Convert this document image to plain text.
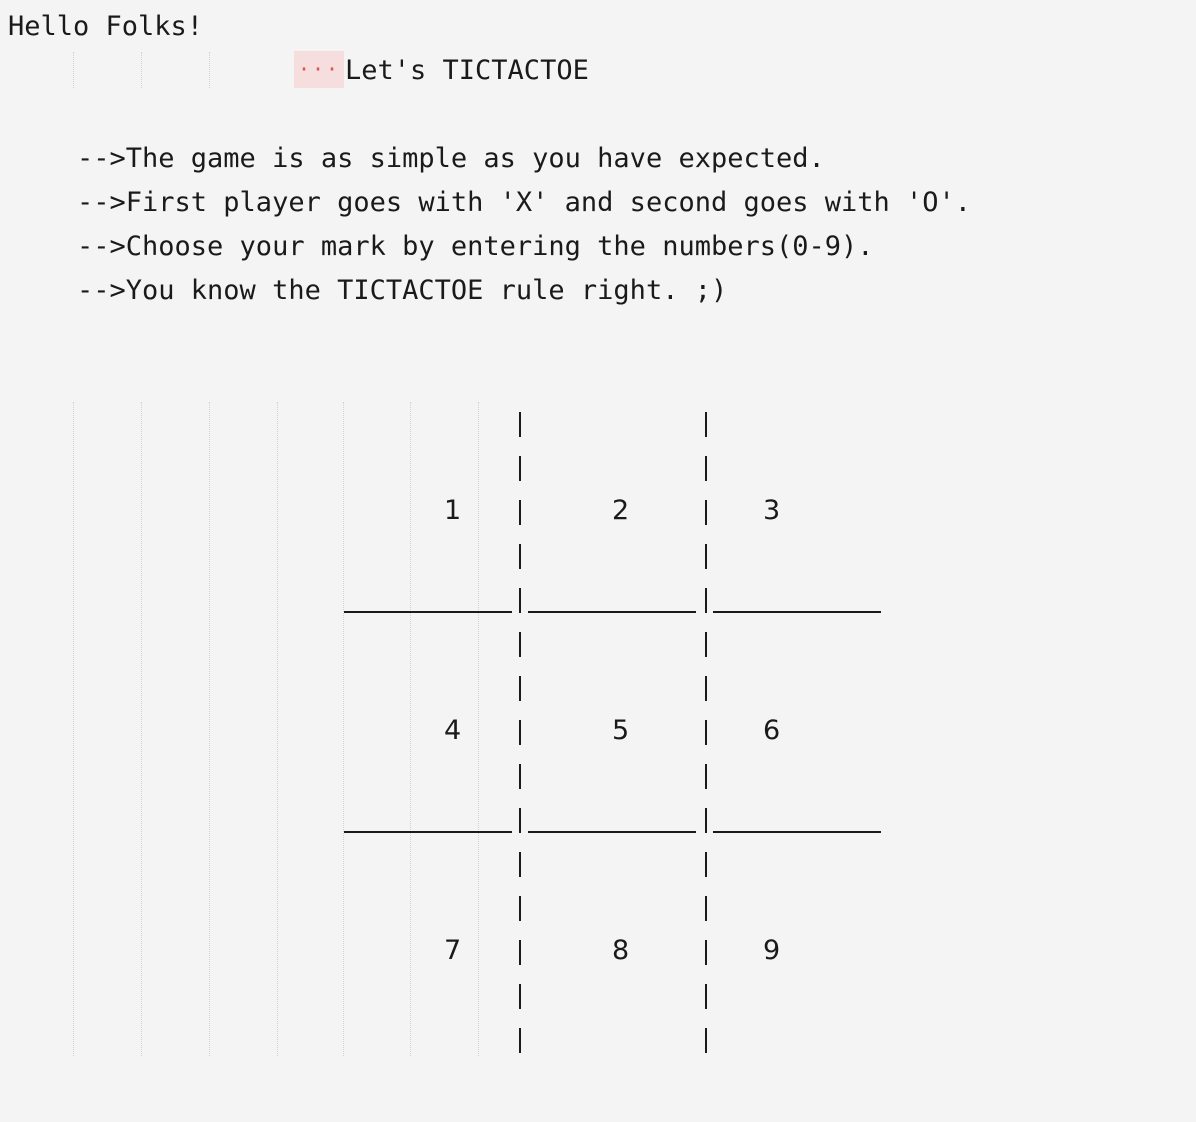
Hello Folks!
··· Let's TICTACTOE
-->The game is as simple as you have expected.
-->First player goes with 'X' and second goes with 'O'.
-->Choose your mark by entering the numbers(0-9).
-->You know the TICTACTOE rule right. ;)
1	2	3
4	5	6
7	8	9
